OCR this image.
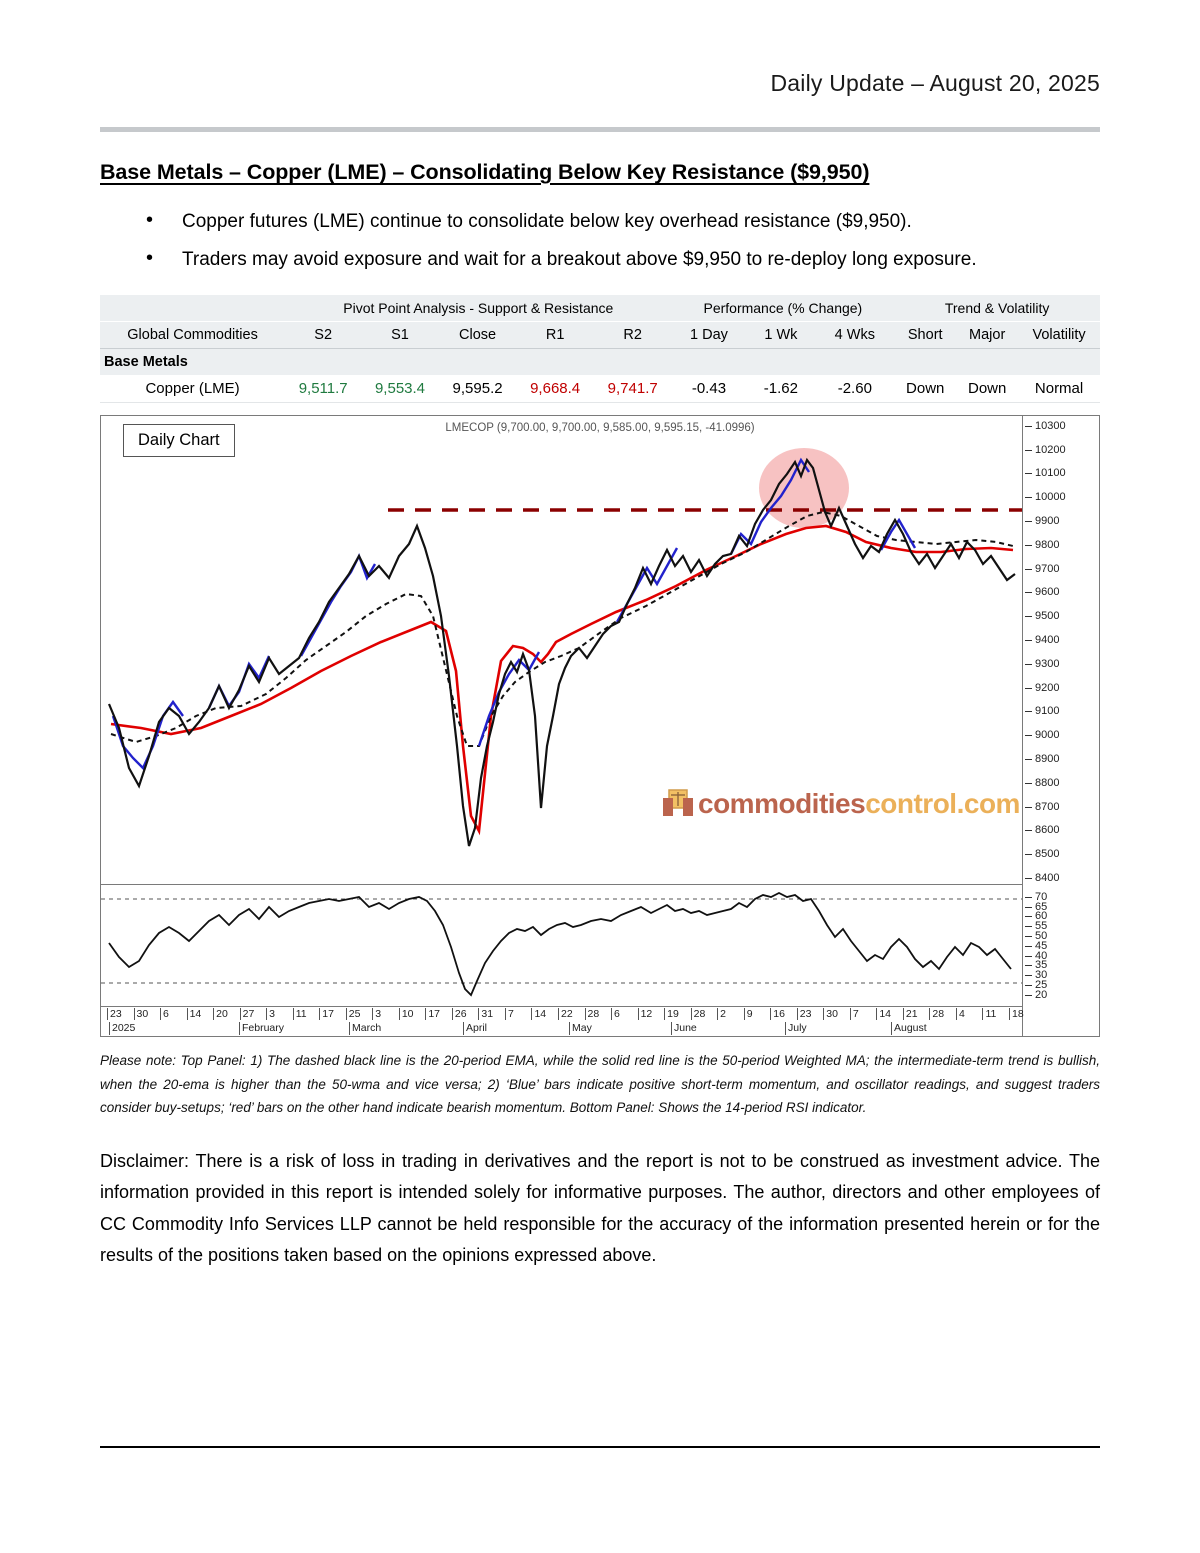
Daily Update – August 20, 2025
Base Metals – Copper (LME) – Consolidating Below Key Resistance ($9,950)
• Copper futures (LME) continue to consolidate below key overhead resistance ($9,950).
• Traders may avoid exposure and wait for a breakout above $9,950 to re-deploy long exposure.
	Pivot Point Analysis - Support & Resistance					Performance (% Change)			Trend & Volatility		
Global Commodities	S2	S1	Close	R1	R2	1 Day	1 Wk	4 Wks	Short	Major	Volatility
Base Metals											
Copper (LME)	9,511.7	9,553.4	9,595.2	9,668.4	9,741.7	-0.43	-1.62	-2.60	Down	Down	Normal
LMECOP (9,700.00, 9,700.00, 9,585.00, 9,595.15, -41.0996)
Daily Chart
commoditiescontrol.com
10300
10200
10100
10000
9900
9800
9700
9600
9500
9400
9300
9200
9100
9000
8900
8800
8700
8600
8500
8400
70
65
60
55
50
45
40
35
30
25
20
23 30 6 14 20 27 3 11 17 25 3 10 17 26 31 7 14 22 28 6 12 19 28 2 9 16 23 30 7 14 21 28 4 11 18
2025	February	March	April	May	June	July	August
Please note: Top Panel: 1) The dashed black line is the 20-period EMA, while the solid red line is the 50-period Weighted MA; the intermediate-term trend is bullish, when the 20-ema is higher than the 50-wma and vice versa; 2) ‘Blue’ bars indicate positive short-term momentum, and oscillator readings, and suggest traders consider buy-setups; ‘red’ bars on the other hand indicate bearish momentum. Bottom Panel: Shows the 14-period RSI indicator.
Disclaimer: There is a risk of loss in trading in derivatives and the report is not to be construed as investment advice. The information provided in this report is intended solely for informative purposes. The author, directors and other employees of CC Commodity Info Services LLP cannot be held responsible for the accuracy of the information presented herein or for the results of the positions taken based on the opinions expressed above.
